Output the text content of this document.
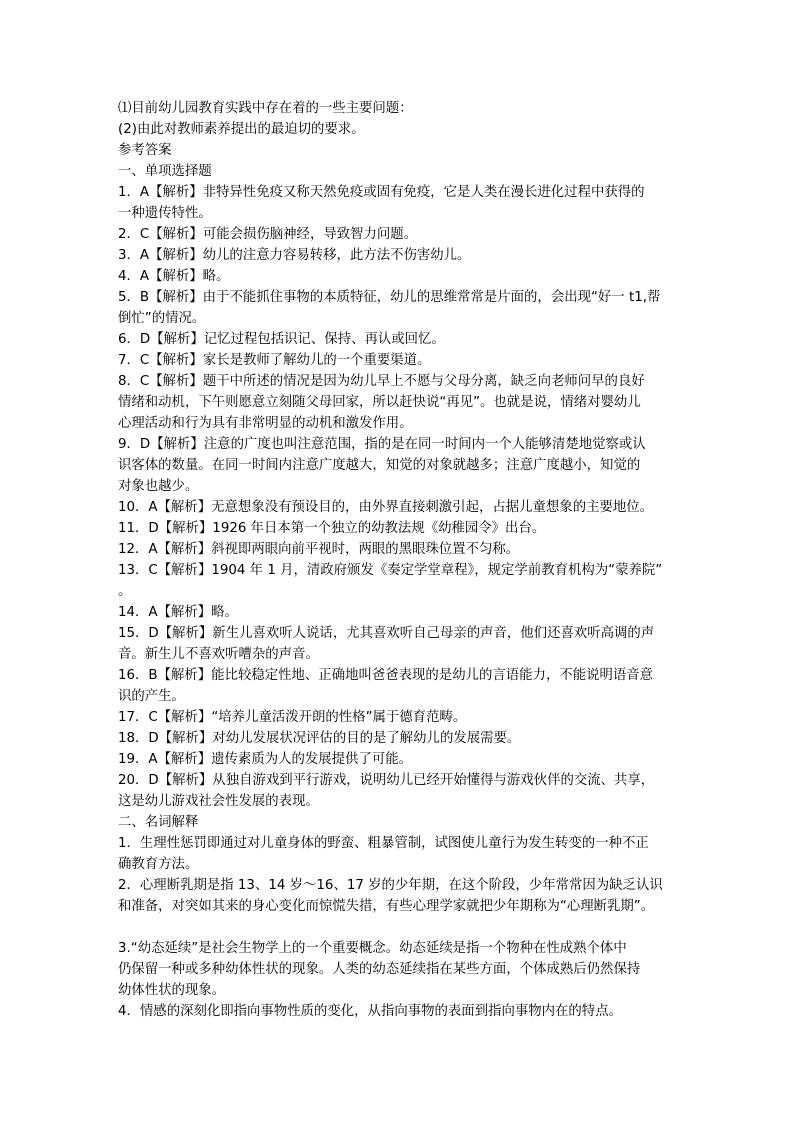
⑴目前幼儿园教育实践中存在着的一些主要问题：
(2)由此对教师素养提出的最迫切的要求。
参考答案
一、单项选择题
1．A【解析】非特异性免疫又称天然免疫或固有免疫，它是人类在漫长进化过程中获得的
一种遗传特性。
2．C【解析】可能会损伤脑神经，导致智力问题。
3．A【解析】幼儿的注意力容易转移，此方法不伤害幼儿。
4．A【解析】略。
5．B【解析】由于不能抓住事物的本质特征，幼儿的思维常常是片面的，会出现“好一 t1,帮
倒忙”的情况。
6．D【解析】记忆过程包括识记、保持、再认或回忆。
7．C【解析】家长是教师了解幼儿的一个重要渠道。
8．C【解析】题干中所述的情况是因为幼儿早上不愿与父母分离，缺乏向老师问早的良好
情绪和动机，下午则愿意立刻随父母回家，所以赶快说“再见”。也就是说，情绪对婴幼儿
心理活动和行为具有非常明显的动机和激发作用。
9．D【解析】注意的广度也叫注意范围，指的是在同一时间内一个人能够清楚地觉察或认
识客体的数量。在同一时间内注意广度越大，知觉的对象就越多；注意广度越小，知觉的
对象也越少。
10．A【解析】无意想象没有预设目的，由外界直接刺激引起，占据儿童想象的主要地位。
11．D【解析】1926 年日本第一个独立的幼教法规《幼稚园令》出台。
12．A【解析】斜视即两眼向前平视时，两眼的黑眼珠位置不匀称。
13．C【解析】1904 年 1 月，清政府颁发《奏定学堂章程》，规定学前教育机构为“蒙养院”
。
14．A【解析】略。
15．D【解析】新生儿喜欢听人说话，尤其喜欢听自己母亲的声音，他们还喜欢听高调的声
音。新生儿不喜欢听嘈杂的声音。
16．B【解析】能比较稳定性地、正确地叫爸爸表现的是幼儿的言语能力，不能说明语音意
识的产生。
17．C【解析】“培养儿童活泼开朗的性格”属于德育范畴。
18．D【解析】对幼儿发展状况评估的目的是了解幼儿的发展需要。
19．A【解析】遗传素质为人的发展提供了可能。
20．D【解析】从独自游戏到平行游戏，说明幼儿已经开始懂得与游戏伙伴的交流、共享，
这是幼儿游戏社会性发展的表现。
二、名词解释
1．生理性惩罚即通过对儿童身体的野蛮、粗暴管制，试图使儿童行为发生转变的一种不正
确教育方法。
2．心理断乳期是指 13、14 岁～16、17 岁的少年期，在这个阶段，少年常常因为缺乏认识
和准备，对突如其来的身心变化而惊慌失措，有些心理学家就把少年期称为“心理断乳期”。
3.“幼态延续”是社会生物学上的一个重要概念。幼态延续是指一个物种在性成熟个体中
仍保留一种或多种幼体性状的现象。人类的幼态延续指在某些方面，个体成熟后仍然保持
幼体性状的现象。
4．情感的深刻化即指向事物性质的变化，从指向事物的表面到指向事物内在的特点。
